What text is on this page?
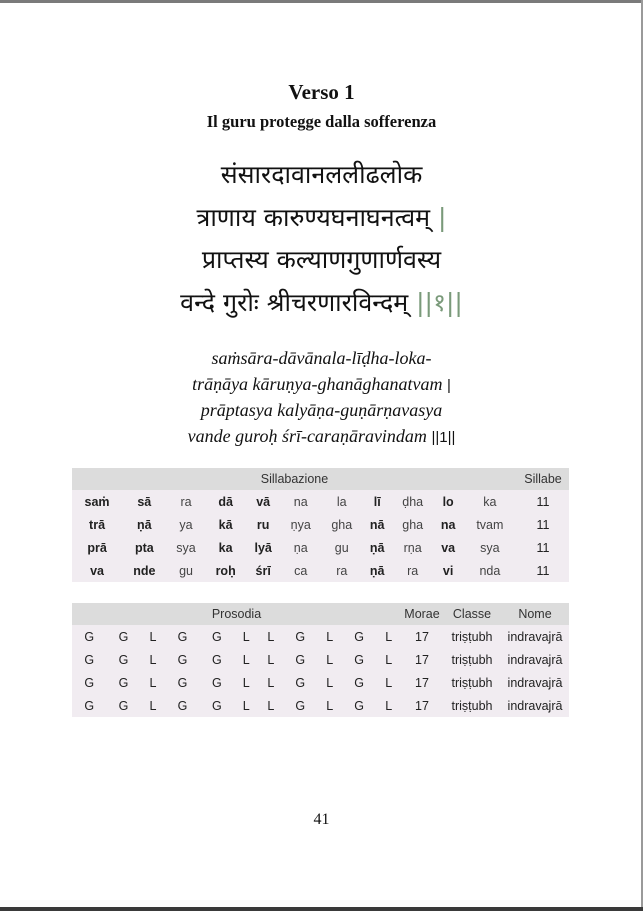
Verso 1
Il guru protegge dalla sofferenza
संसारदावानललीढलोक
त्राणाय कारुण्यघनाघनत्वम् |
प्राप्तस्य कल्याणगुणार्णवस्य
वन्दे गुरोः श्रीचरणारविन्दम् ||१||
saṁsāra-dāvānala-līḍha-loka-
trāṇāya kāruṇya-ghanāghanatvam |
prāptasya kalyāṇa-guṇārṇavasya
vande guroḥ śrī-caraṇāravindam ||1||
Sillabazione											Sillabe
saṁ	sā	ra	dā	vā	na	la	lī	ḍha	lo	ka	11
trā	ṇā	ya	kā	ru	ṇya	gha	nā	gha	na	tvam	11
prā	pta	sya	ka	lyā	ṇa	gu	ṇā	rṇa	va	sya	11
va	nde	gu	roḥ	śrī	ca	ra	ṇā	ra	vi	nda	11
Prosodia											Morae	Classe	Nome
G	G	L	G	G	L	L	G	L	G	L	17	triṣṭubh	indravajrā
G	G	L	G	G	L	L	G	L	G	L	17	triṣṭubh	indravajrā
G	G	L	G	G	L	L	G	L	G	L	17	triṣṭubh	indravajrā
G	G	L	G	G	L	L	G	L	G	L	17	triṣṭubh	indravajrā
41
